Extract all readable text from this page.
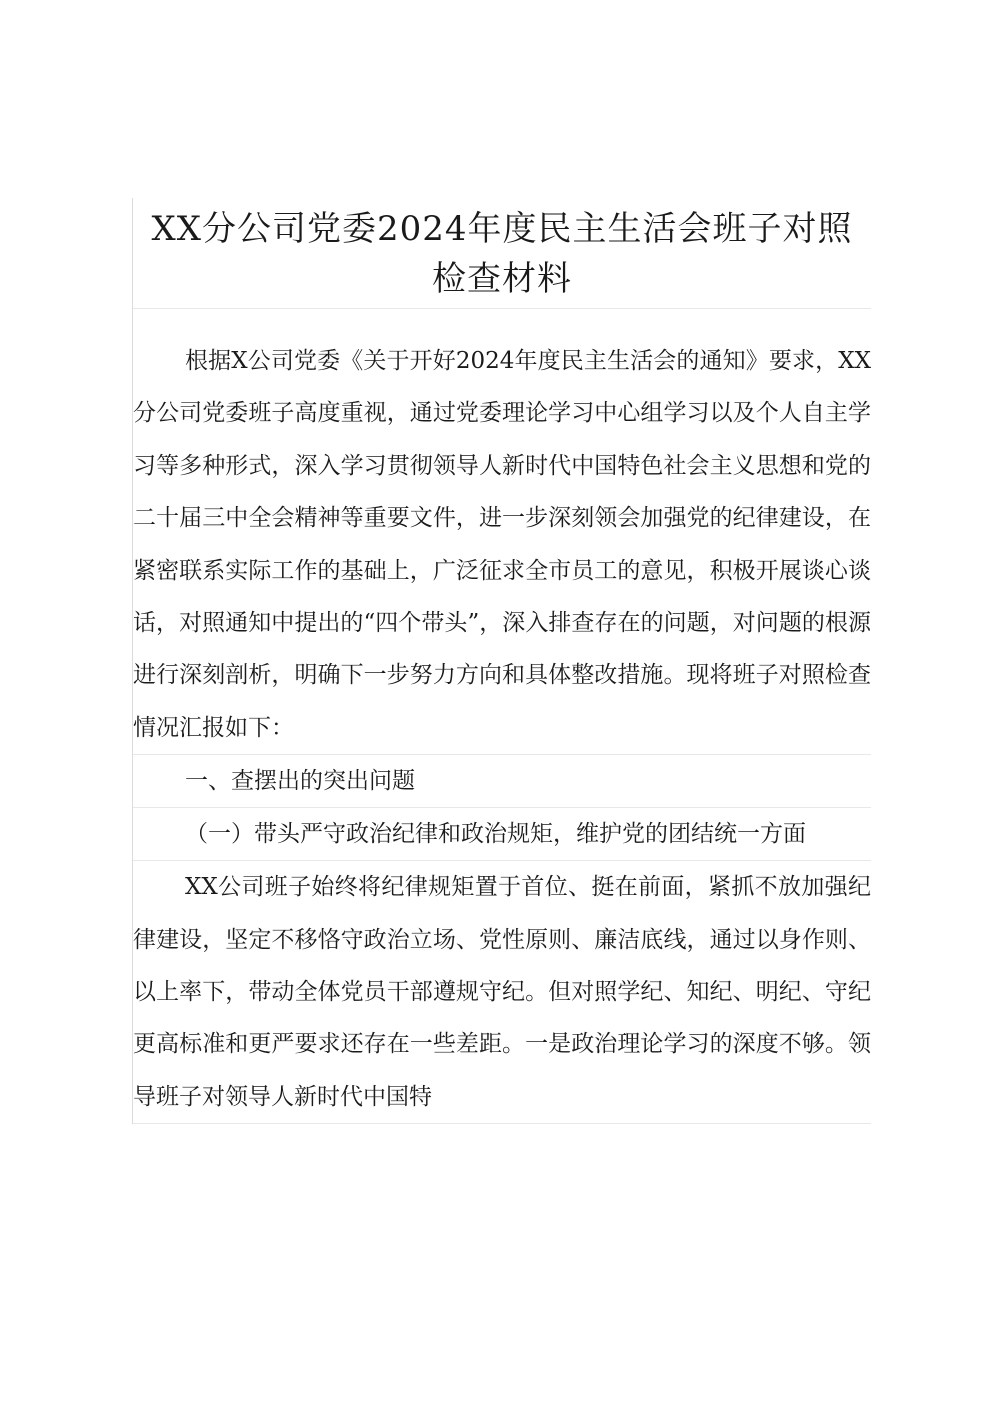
XX分公司党委2024年度民主生活会班子对照

检查材料

根据X公司党委《关于开好2024年度民主生活会的通知》要求，XX分公司党委班子高度重视，通过党委理论学习中心组学习以及个人自主学习等多种形式，深入学习贯彻领导人新时代中国特色社会主义思想和党的二十届三中全会精神等重要文件，进一步深刻领会加强党的纪律建设，在紧密联系实际工作的基础上，广泛征求全市员工的意见，积极开展谈心谈话，对照通知中提出的“四个带头”，深入排查存在的问题，对问题的根源进行深刻剖析，明确下一步努力方向和具体整改措施。现将班子对照检查情况汇报如下：

一、查摆出的突出问题

（一）带头严守政治纪律和政治规矩，维护党的团结统一方面

XX公司班子始终将纪律规矩置于首位、挺在前面，紧抓不放加强纪律建设，坚定不移恪守政治立场、党性原则、廉洁底线，通过以身作则、以上率下，带动全体党员干部遵规守纪。但对照学纪、知纪、明纪、守纪更高标准和更严要求还存在一些差距。一是政治理论学习的深度不够。领导班子对领导人新时代中国特
